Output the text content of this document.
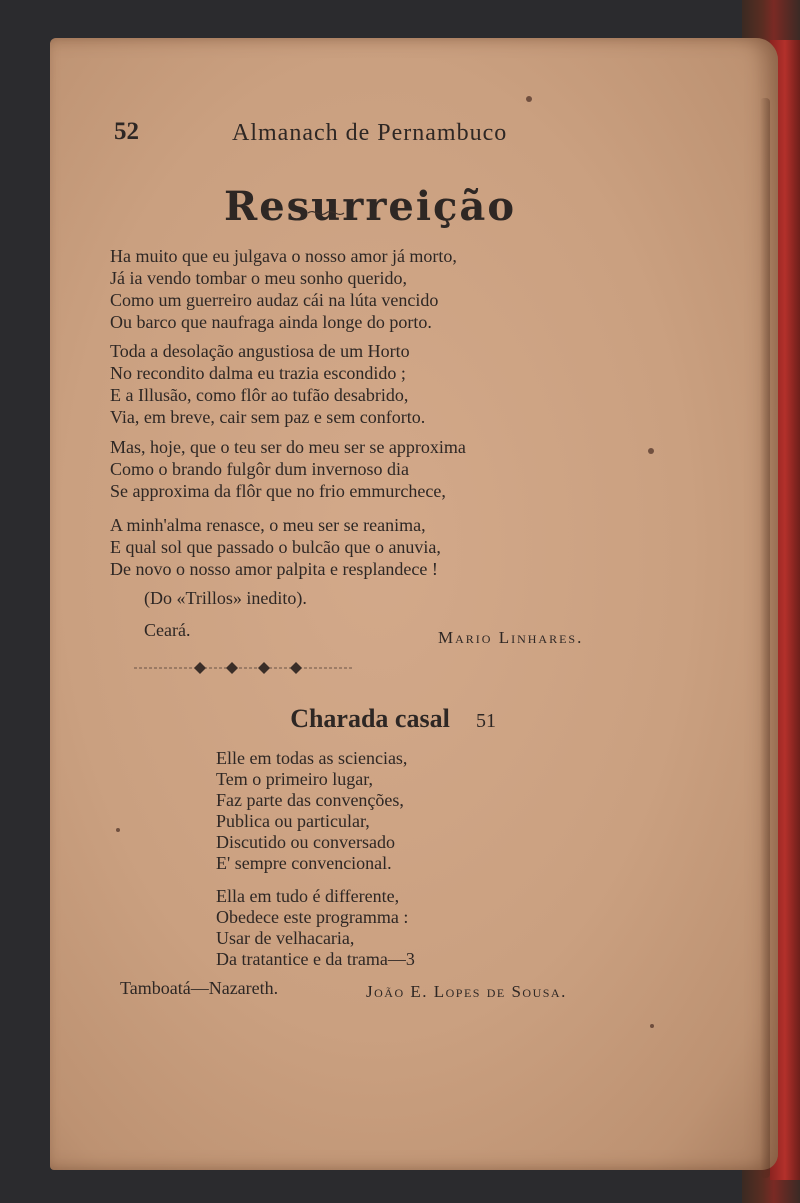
52	Almanach de Pernambuco
Resurreição
Ha muito que eu julgava o nosso amor já morto,
Já ia vendo tombar o meu sonho querido,
Como um guerreiro audaz cái na lúta vencido
Ou barco que naufraga ainda longe do porto.
Toda a desolação angustiosa de um Horto
No recondito dalma eu trazia escondido ;
E a Illusão, como flôr ao tufão desabrido,
Via, em breve, cair sem paz e sem conforto.
Mas, hoje, que o teu ser do meu ser se approxima
Como o brando fulgôr dum invernoso dia
Se approxima da flôr que no frio emmurchece,
A minh'alma renasce, o meu ser se reanima,
E qual sol que passado o bulcão que o anuvia,
De novo o nosso amor palpita e resplandece !
(Do «Trillos» inedito).
Ceará.	Mario Linhares.
Charada casal	51
Elle em todas as sciencias,
Tem o primeiro lugar,
Faz parte das convenções,
Publica ou particular,
Discutido ou conversado
E' sempre convencional.
Ella em tudo é differente,
Obedece este programma :
Usar de velhacaria,
Da tratantice e da trama—3
Tamboatá—Nazareth.	João E. Lopes de Sousa.
